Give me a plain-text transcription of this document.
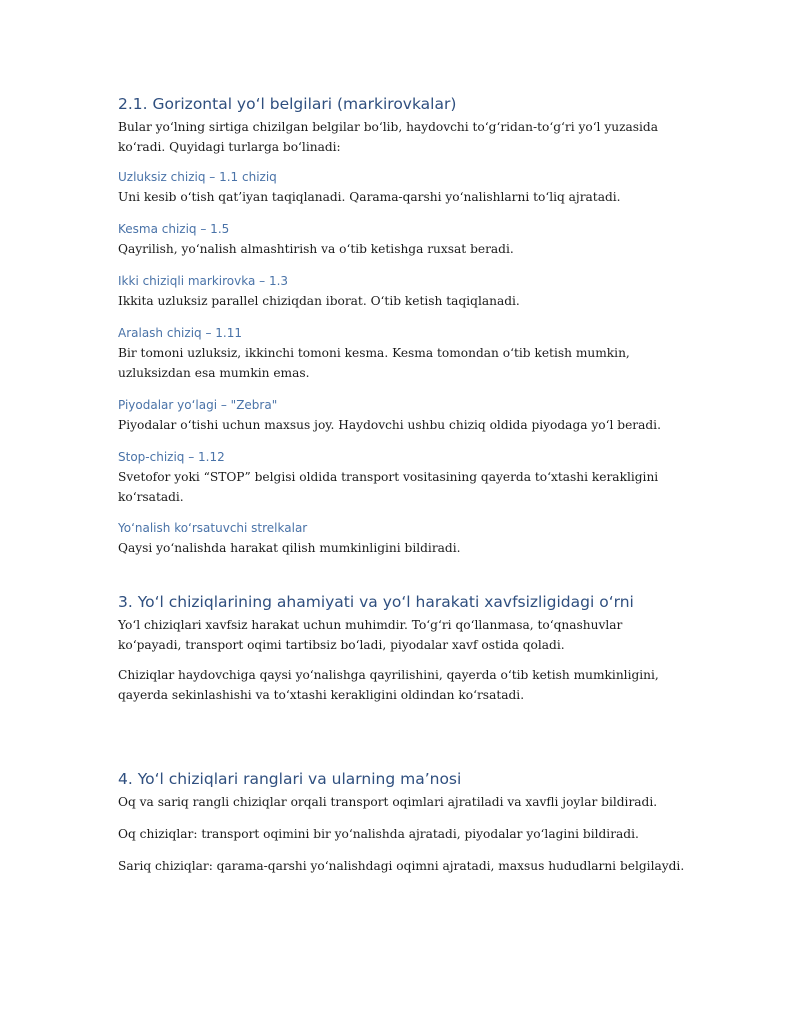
2.1. Gorizontal yo‘l belgilari (markirovkalar)

Bular yo‘lning sirtiga chizilgan belgilar bo‘lib, haydovchi to‘g‘ridan-to‘g‘ri yo‘l yuzasida ko‘radi. Quyidagi turlarga bo‘linadi:

Uzluksiz chiziq – 1.1 chiziq

Uni kesib o‘tish qat’iyan taqiqlanadi. Qarama-qarshi yo‘nalishlarni to‘liq ajratadi.

Kesma chiziq – 1.5

Qayrilish, yo‘nalish almashtirish va o‘tib ketishga ruxsat beradi.

Ikki chiziqli markirovka – 1.3

Ikkita uzluksiz parallel chiziqdan iborat. O‘tib ketish taqiqlanadi.

Aralash chiziq – 1.11

Bir tomoni uzluksiz, ikkinchi tomoni kesma. Kesma tomondan o‘tib ketish mumkin, uzluksizdan esa mumkin emas.

Piyodalar yo‘lagi – "Zebra"

Piyodalar o‘tishi uchun maxsus joy. Haydovchi ushbu chiziq oldida piyodaga yo‘l beradi.

Stop-chiziq – 1.12

Svetofor yoki “STOP” belgisi oldida transport vositasining qayerda to‘xtashi kerakligini ko‘rsatadi.

Yo‘nalish ko‘rsatuvchi strelkalar

Qaysi yo‘nalishda harakat qilish mumkinligini bildiradi.

3. Yo‘l chiziqlarining ahamiyati va yo‘l harakati xavfsizligidagi o‘rni

Yo‘l chiziqlari xavfsiz harakat uchun muhimdir. To‘g‘ri qo‘llanmasa, to‘qnashuvlar ko‘payadi, transport oqimi tartibsiz bo‘ladi, piyodalar xavf ostida qoladi.

Chiziqlar haydovchiga qaysi yo‘nalishga qayrilishini, qayerda o‘tib ketish mumkinligini, qayerda sekinlashishi va to‘xtashi kerakligini oldindan ko‘rsatadi.

4. Yo‘l chiziqlari ranglari va ularning ma’nosi

Oq va sariq rangli chiziqlar orqali transport oqimlari ajratiladi va xavfli joylar bildiradi.

Oq chiziqlar: transport oqimini bir yo‘nalishda ajratadi, piyodalar yo‘lagini bildiradi.

Sariq chiziqlar: qarama-qarshi yo‘nalishdagi oqimni ajratadi, maxsus hududlarni belgilaydi.
